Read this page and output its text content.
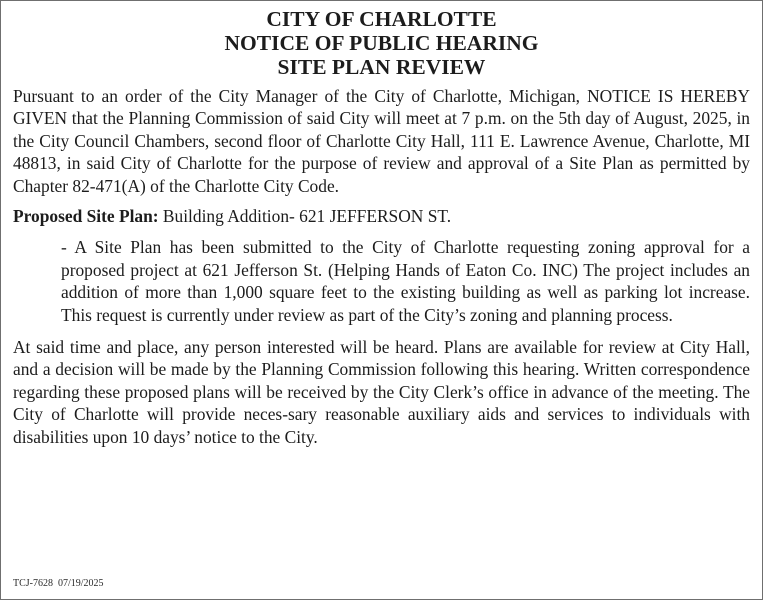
CITY OF CHARLOTTE
NOTICE OF PUBLIC HEARING
SITE PLAN REVIEW

Pursuant to an order of the City Manager of the City of Charlotte, Michigan, NOTICE IS HEREBY GIVEN that the Planning Commission of said City will meet at 7 p.m. on the 5th day of August, 2025, in the City Council Chambers, second floor of Charlotte City Hall, 111 E. Lawrence Avenue, Charlotte, MI 48813, in said City of Charlotte for the purpose of review and approval of a Site Plan as permitted by Chapter 82-471(A) of the Charlotte City Code.

Proposed Site Plan: Building Addition- 621 JEFFERSON ST.

- A Site Plan has been submitted to the City of Charlotte requesting zoning approval for a proposed project at 621 Jefferson St. (Helping Hands of Eaton Co. INC) The project includes an addition of more than 1,000 square feet to the existing building as well as parking lot increase. This request is currently under review as part of the City’s zoning and planning process.

At said time and place, any person interested will be heard. Plans are available for review at City Hall, and a decision will be made by the Planning Commission following this hearing. Written correspondence regarding these proposed plans will be received by the City Clerk’s office in advance of the meeting. The City of Charlotte will provide neces-sary reasonable auxiliary aids and services to individuals with disabilities upon 10 days’ notice to the City.

TCJ-7628 07/19/2025
